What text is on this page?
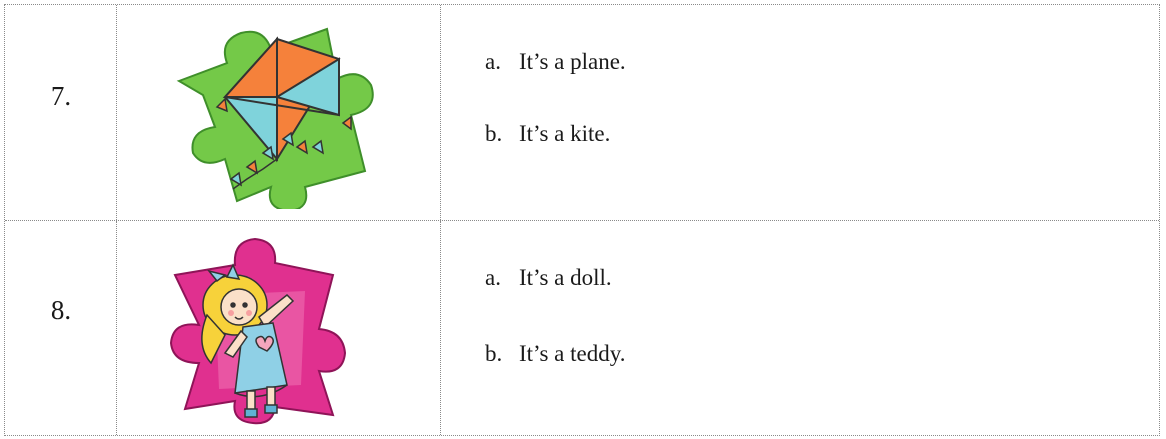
7.
a. It’s a plane.
b. It’s a kite.
8.
a. It’s a doll.
b. It’s a teddy.
